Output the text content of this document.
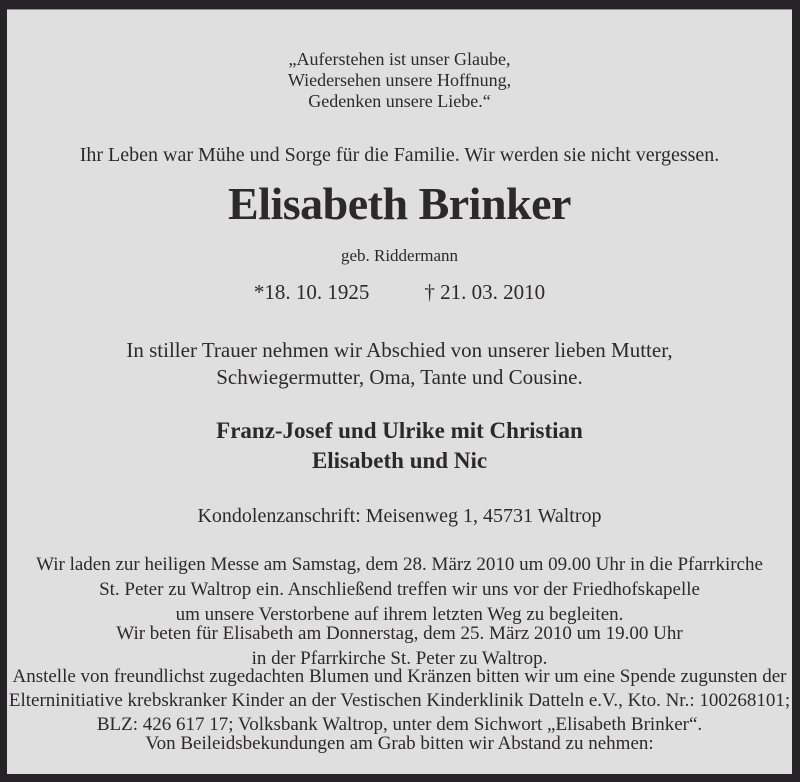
„Auferstehen ist unser Glaube,
Wiedersehen unsere Hoffnung,
Gedenken unsere Liebe.“
Ihr Leben war Mühe und Sorge für die Familie. Wir werden sie nicht vergessen.
Elisabeth Brinker
geb. Riddermann
*18. 10. 1925	† 21. 03. 2010
In stiller Trauer nehmen wir Abschied von unserer lieben Mutter,
Schwiegermutter, Oma, Tante und Cousine.
Franz-Josef und Ulrike mit Christian
Elisabeth und Nic
Kondolenzanschrift: Meisenweg 1, 45731 Waltrop
Wir laden zur heiligen Messe am Samstag, dem 28. März 2010 um 09.00 Uhr in die Pfarrkirche
St. Peter zu Waltrop ein. Anschließend treffen wir uns vor der Friedhofskapelle
um unsere Verstorbene auf ihrem letzten Weg zu begleiten.
Wir beten für Elisabeth am Donnerstag, dem 25. März 2010 um 19.00 Uhr
in der Pfarrkirche St. Peter zu Waltrop.
Anstelle von freundlichst zugedachten Blumen und Kränzen bitten wir um eine Spende zugunsten der
Elterninitiative krebskranker Kinder an der Vestischen Kinderklinik Datteln e.V., Kto. Nr.: 100268101;
BLZ: 426 617 17; Volksbank Waltrop, unter dem Sichwort „Elisabeth Brinker“.
Von Beileidsbekundungen am Grab bitten wir Abstand zu nehmen:
